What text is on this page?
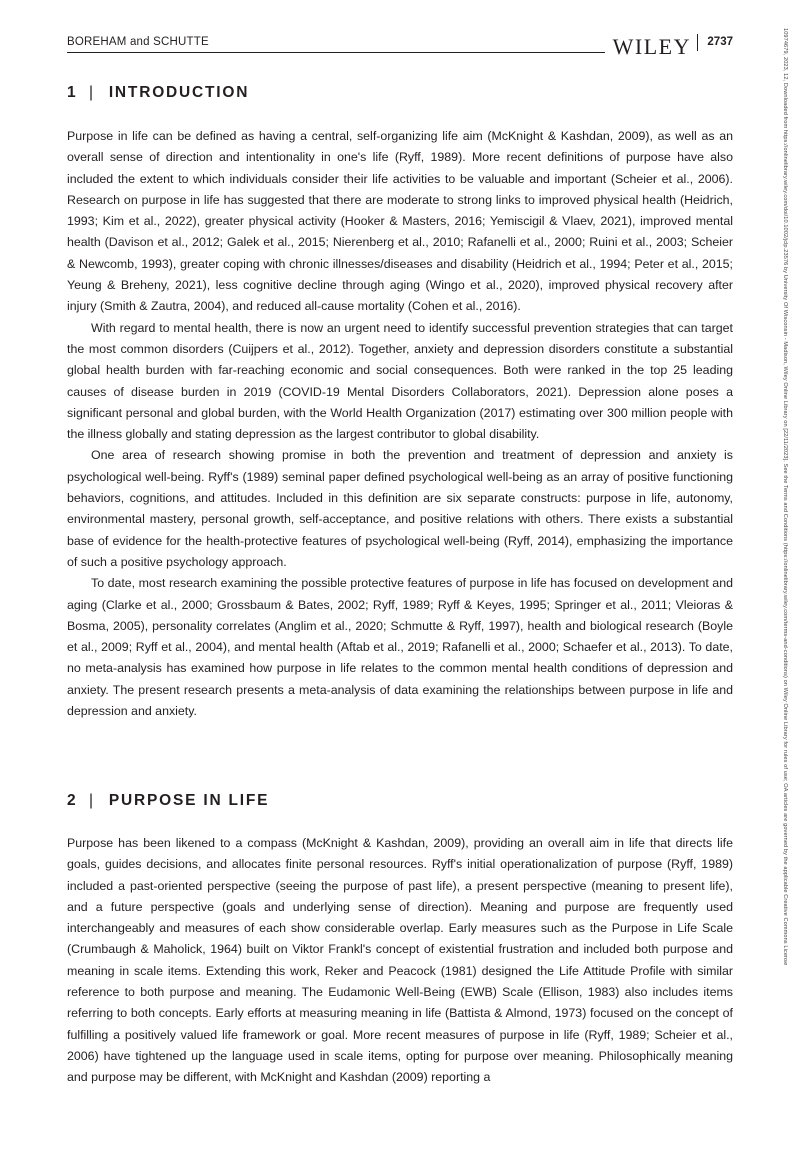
BOREHAM and SCHUTTE	WILEY 2737	10974679, 2023, 12, Downloaded from https://onlinelibrary.wiley.com/doi/10.1002/jclp.23576 by University Of Wisconsin - Madison, Wiley Online Library on [22/11/2023]. See the Terms and Conditions (https://onlinelibrary.wiley.com/terms-and-conditions) on Wiley Online Library for rules of use; OA articles are governed by the applicable Creative Commons License
1 | INTRODUCTION

Purpose in life can be defined as having a central, self-organizing life aim (McKnight & Kashdan, 2009), as well as an overall sense of direction and intentionality in one's life (Ryff, 1989). More recent definitions of purpose have also included the extent to which individuals consider their life activities to be valuable and important (Scheier et al., 2006). Research on purpose in life has suggested that there are moderate to strong links to improved physical health (Heidrich, 1993; Kim et al., 2022), greater physical activity (Hooker & Masters, 2016; Yemiscigil & Vlaev, 2021), improved mental health (Davison et al., 2012; Galek et al., 2015; Nierenberg et al., 2010; Rafanelli et al., 2000; Ruini et al., 2003; Scheier & Newcomb, 1993), greater coping with chronic illnesses/diseases and disability (Heidrich et al., 1994; Peter et al., 2015; Yeung & Breheny, 2021), less cognitive decline through aging (Wingo et al., 2020), improved physical recovery after injury (Smith & Zautra, 2004), and reduced all-cause mortality (Cohen et al., 2016).

With regard to mental health, there is now an urgent need to identify successful prevention strategies that can target the most common disorders (Cuijpers et al., 2012). Together, anxiety and depression disorders constitute a substantial global health burden with far-reaching economic and social consequences. Both were ranked in the top 25 leading causes of disease burden in 2019 (COVID-19 Mental Disorders Collaborators, 2021). Depression alone poses a significant personal and global burden, with the World Health Organization (2017) estimating over 300 million people with the illness globally and stating depression as the largest contributor to global disability.

One area of research showing promise in both the prevention and treatment of depression and anxiety is psychological well-being. Ryff's (1989) seminal paper defined psychological well-being as an array of positive functioning behaviors, cognitions, and attitudes. Included in this definition are six separate constructs: purpose in life, autonomy, environmental mastery, personal growth, self-acceptance, and positive relations with others. There exists a substantial base of evidence for the health-protective features of psychological well-being (Ryff, 2014), emphasizing the importance of such a positive psychology approach.

To date, most research examining the possible protective features of purpose in life has focused on development and aging (Clarke et al., 2000; Grossbaum & Bates, 2002; Ryff, 1989; Ryff & Keyes, 1995; Springer et al., 2011; Vleioras & Bosma, 2005), personality correlates (Anglim et al., 2020; Schmutte & Ryff, 1997), health and biological research (Boyle et al., 2009; Ryff et al., 2004), and mental health (Aftab et al., 2019; Rafanelli et al., 2000; Schaefer et al., 2013). To date, no meta-analysis has examined how purpose in life relates to the common mental health conditions of depression and anxiety. The present research presents a meta-analysis of data examining the relationships between purpose in life and depression and anxiety.

2 | PURPOSE IN LIFE

Purpose has been likened to a compass (McKnight & Kashdan, 2009), providing an overall aim in life that directs life goals, guides decisions, and allocates finite personal resources. Ryff's initial operationalization of purpose (Ryff, 1989) included a past-oriented perspective (seeing the purpose of past life), a present perspective (meaning to present life), and a future perspective (goals and underlying sense of direction). Meaning and purpose are frequently used interchangeably and measures of each show considerable overlap. Early measures such as the Purpose in Life Scale (Crumbaugh & Maholick, 1964) built on Viktor Frankl's concept of existential frustration and included both purpose and meaning in scale items. Extending this work, Reker and Peacock (1981) designed the Life Attitude Profile with similar reference to both purpose and meaning. The Eudamonic Well-Being (EWB) Scale (Ellison, 1983) also includes items referring to both concepts. Early efforts at measuring meaning in life (Battista & Almond, 1973) focused on the concept of fulfilling a positively valued life framework or goal. More recent measures of purpose in life (Ryff, 1989; Scheier et al., 2006) have tightened up the language used in scale items, opting for purpose over meaning. Philosophically meaning and purpose may be different, with McKnight and Kashdan (2009) reporting a
